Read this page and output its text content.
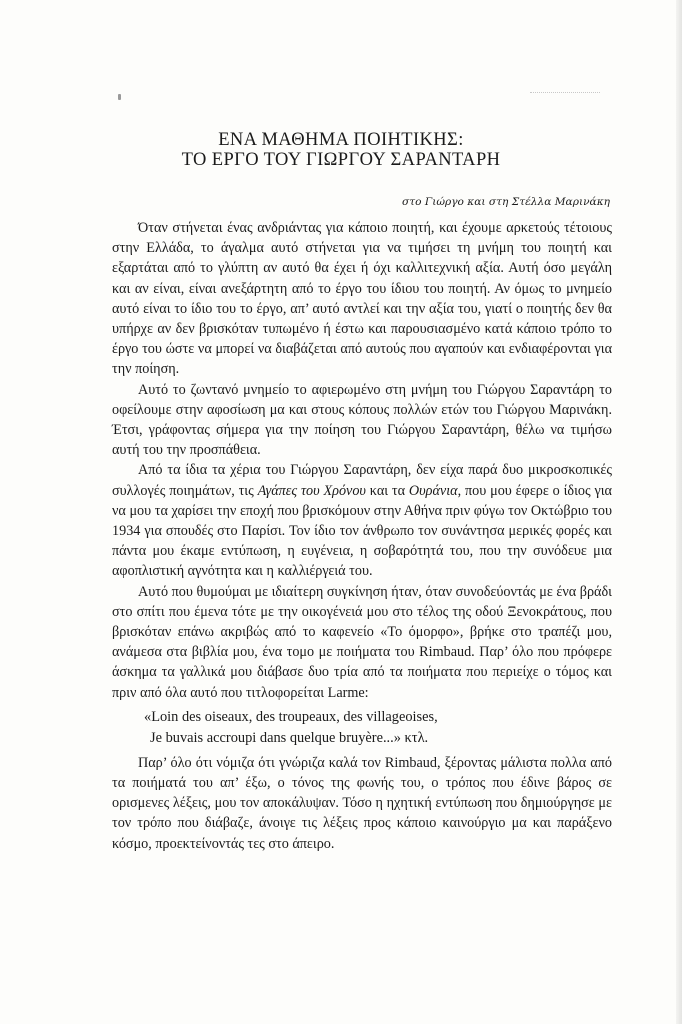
ΕΝΑ ΜΑΘΗΜΑ ΠΟΙΗΤΙΚΗΣ:
ΤΟ ΕΡΓΟ ΤΟΥ ΓΙΩΡΓΟΥ ΣΑΡΑΝΤΑΡΗ
στο Γιώργο και στη Στέλλα Μαρινάκη

Όταν στήνεται ένας ανδριάντας για κάποιο ποιητή, και έχουμε αρκετούς τέτοιους στην Ελλάδα, το άγαλμα αυτό στήνεται για να τιμήσει τη μνήμη του ποιητή και εξαρτάται από το γλύπτη αν αυτό θα έχει ή όχι καλλιτεχνική αξία. Αυτή όσο μεγάλη και αν είναι, είναι ανεξάρτητη από το έργο του ίδιου του ποιητή. Αν όμως το μνημείο αυτό είναι το ίδιο του το έργο, απ’ αυτό αντλεί και την αξία του, γιατί ο ποιητής δεν θα υπήρχε αν δεν βρισκόταν τυπωμένο ή έστω και παρουσιασμένο κατά κάποιο τρόπο το έργο του ώστε να μπορεί να διαβάζεται από αυτούς που αγαπούν και ενδιαφέρονται για την ποίηση.

Αυτό το ζωντανό μνημείο το αφιερωμένο στη μνήμη του Γιώργου Σαραντάρη το οφείλουμε στην αφοσίωση μα και στους κόπους πολλών ετών του Γιώργου Μαρινάκη. Έτσι, γράφοντας σήμερα για την ποίηση του Γιώργου Σαραντάρη, θέλω να τιμήσω αυτή του την προσπάθεια.

Από τα ίδια τα χέρια του Γιώργου Σαραντάρη, δεν είχα παρά δυο μικροσκοπικές συλλογές ποιημάτων, τις Αγάπες του Χρόνου και τα Ουράνια, που μου έφερε ο ίδιος για να μου τα χαρίσει την εποχή που βρισκόμουν στην Αθήνα πριν φύγω τον Οκτώβριο του 1934 για σπουδές στο Παρίσι. Τον ίδιο τον άνθρωπο τον συνάντησα μερικές φορές και πάντα μου έκαμε εντύπωση, η ευγένεια, η σοβαρότητά του, που την συνόδευε μια αφοπλιστική αγνότητα και η καλλιέργειά του.

Αυτό που θυμούμαι με ιδιαίτερη συγκίνηση ήταν, όταν συνοδεύοντάς με ένα βράδι στο σπίτι που έμενα τότε με την οικογένειά μου στο τέλος της οδού Ξενοκράτους, που βρισκόταν επάνω ακριβώς από το καφενείο «Το όμορφο», βρήκε στο τραπέζι μου, ανάμεσα στα βιβλία μου, ένα τομο με ποιήματα του Rimbaud. Παρ’ όλο που πρόφερε άσκημα τα γαλλικά μου διάβασε δυο τρία από τα ποιήματα που περιείχε ο τόμος και πριν από όλα αυτό που τιτλοφορείται Larme:

«Loin des oiseaux, des troupeaux, des villageoises,
Je buvais accroupi dans quelque bruyère...» κτλ.

Παρ’ όλο ότι νόμιζα ότι γνώριζα καλά τον Rimbaud, ξέροντας μάλιστα πολλα από τα ποιήματά του απ’ έξω, ο τόνος της φωνής του, ο τρόπος που έδινε βάρος σε ορισμενες λέξεις, μου τον αποκάλυψαν. Τόσο η ηχητική εντύπωση που δημιούργησε με τον τρόπο που διάβαζε, άνοιγε τις λέξεις προς κάποιο καινούργιο μα και παράξενο κόσμο, προεκτείνοντάς τες στο άπειρο.
